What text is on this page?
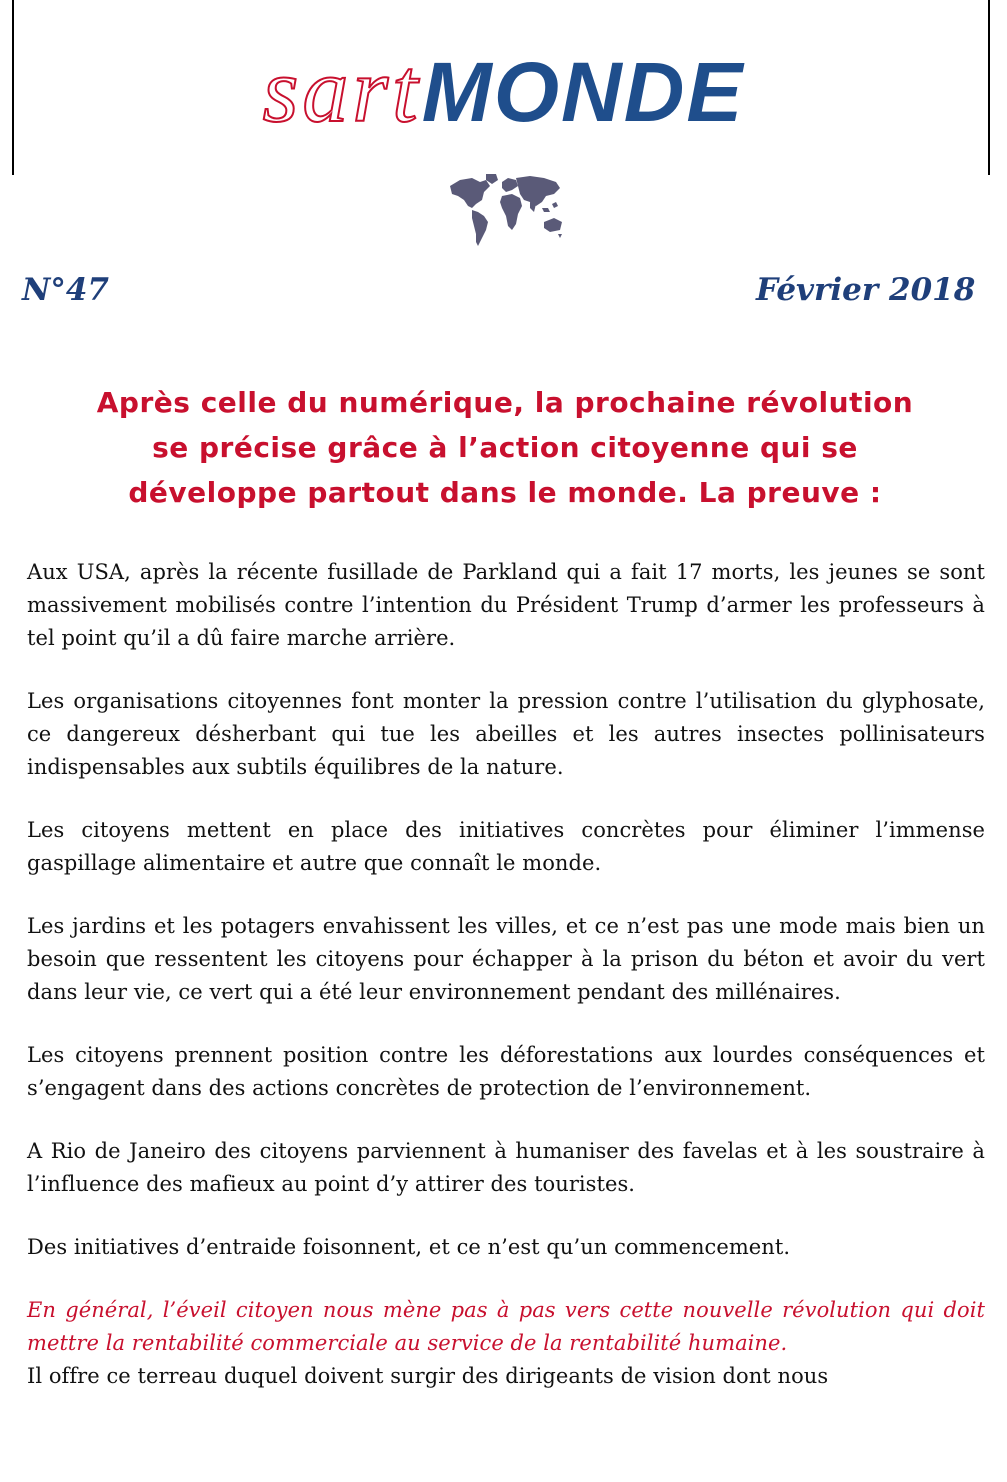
sartMONDE
N°47	Février 2018
Après celle du numérique, la prochaine révolution
se précise grâce à l’action citoyenne qui se
développe partout dans le monde. La preuve :

Aux USA, après la récente fusillade de Parkland qui a fait 17 morts, les jeunes se sont massivement mobilisés contre l’intention du Président Trump d’armer les professeurs à tel point qu’il a dû faire marche arrière.

Les organisations citoyennes font monter la pression contre l’utilisation du glyphosate, ce dangereux désherbant qui tue les abeilles et les autres insectes pollinisateurs indispensables aux subtils équilibres de la nature.

Les citoyens mettent en place des initiatives concrètes pour éliminer l’immense gaspillage alimentaire et autre que connaît le monde.

Les jardins et les potagers envahissent les villes, et ce n’est pas une mode mais bien un besoin que ressentent les citoyens pour échapper à la prison du béton et avoir du vert dans leur vie, ce vert qui a été leur environnement pendant des millénaires.

Les citoyens prennent position contre les déforestations aux lourdes conséquences et s’engagent dans des actions concrètes de protection de l’environnement.

A Rio de Janeiro des citoyens parviennent à humaniser des favelas et à les soustraire à l’influence des mafieux au point d’y attirer des touristes.

Des initiatives d’entraide foisonnent, et ce n’est qu’un commencement.

En général, l’éveil citoyen nous mène pas à pas vers cette nouvelle révolution qui doit mettre la rentabilité commerciale au service de la rentabilité humaine.

Il offre ce terreau duquel doivent surgir des dirigeants de vision dont nous
